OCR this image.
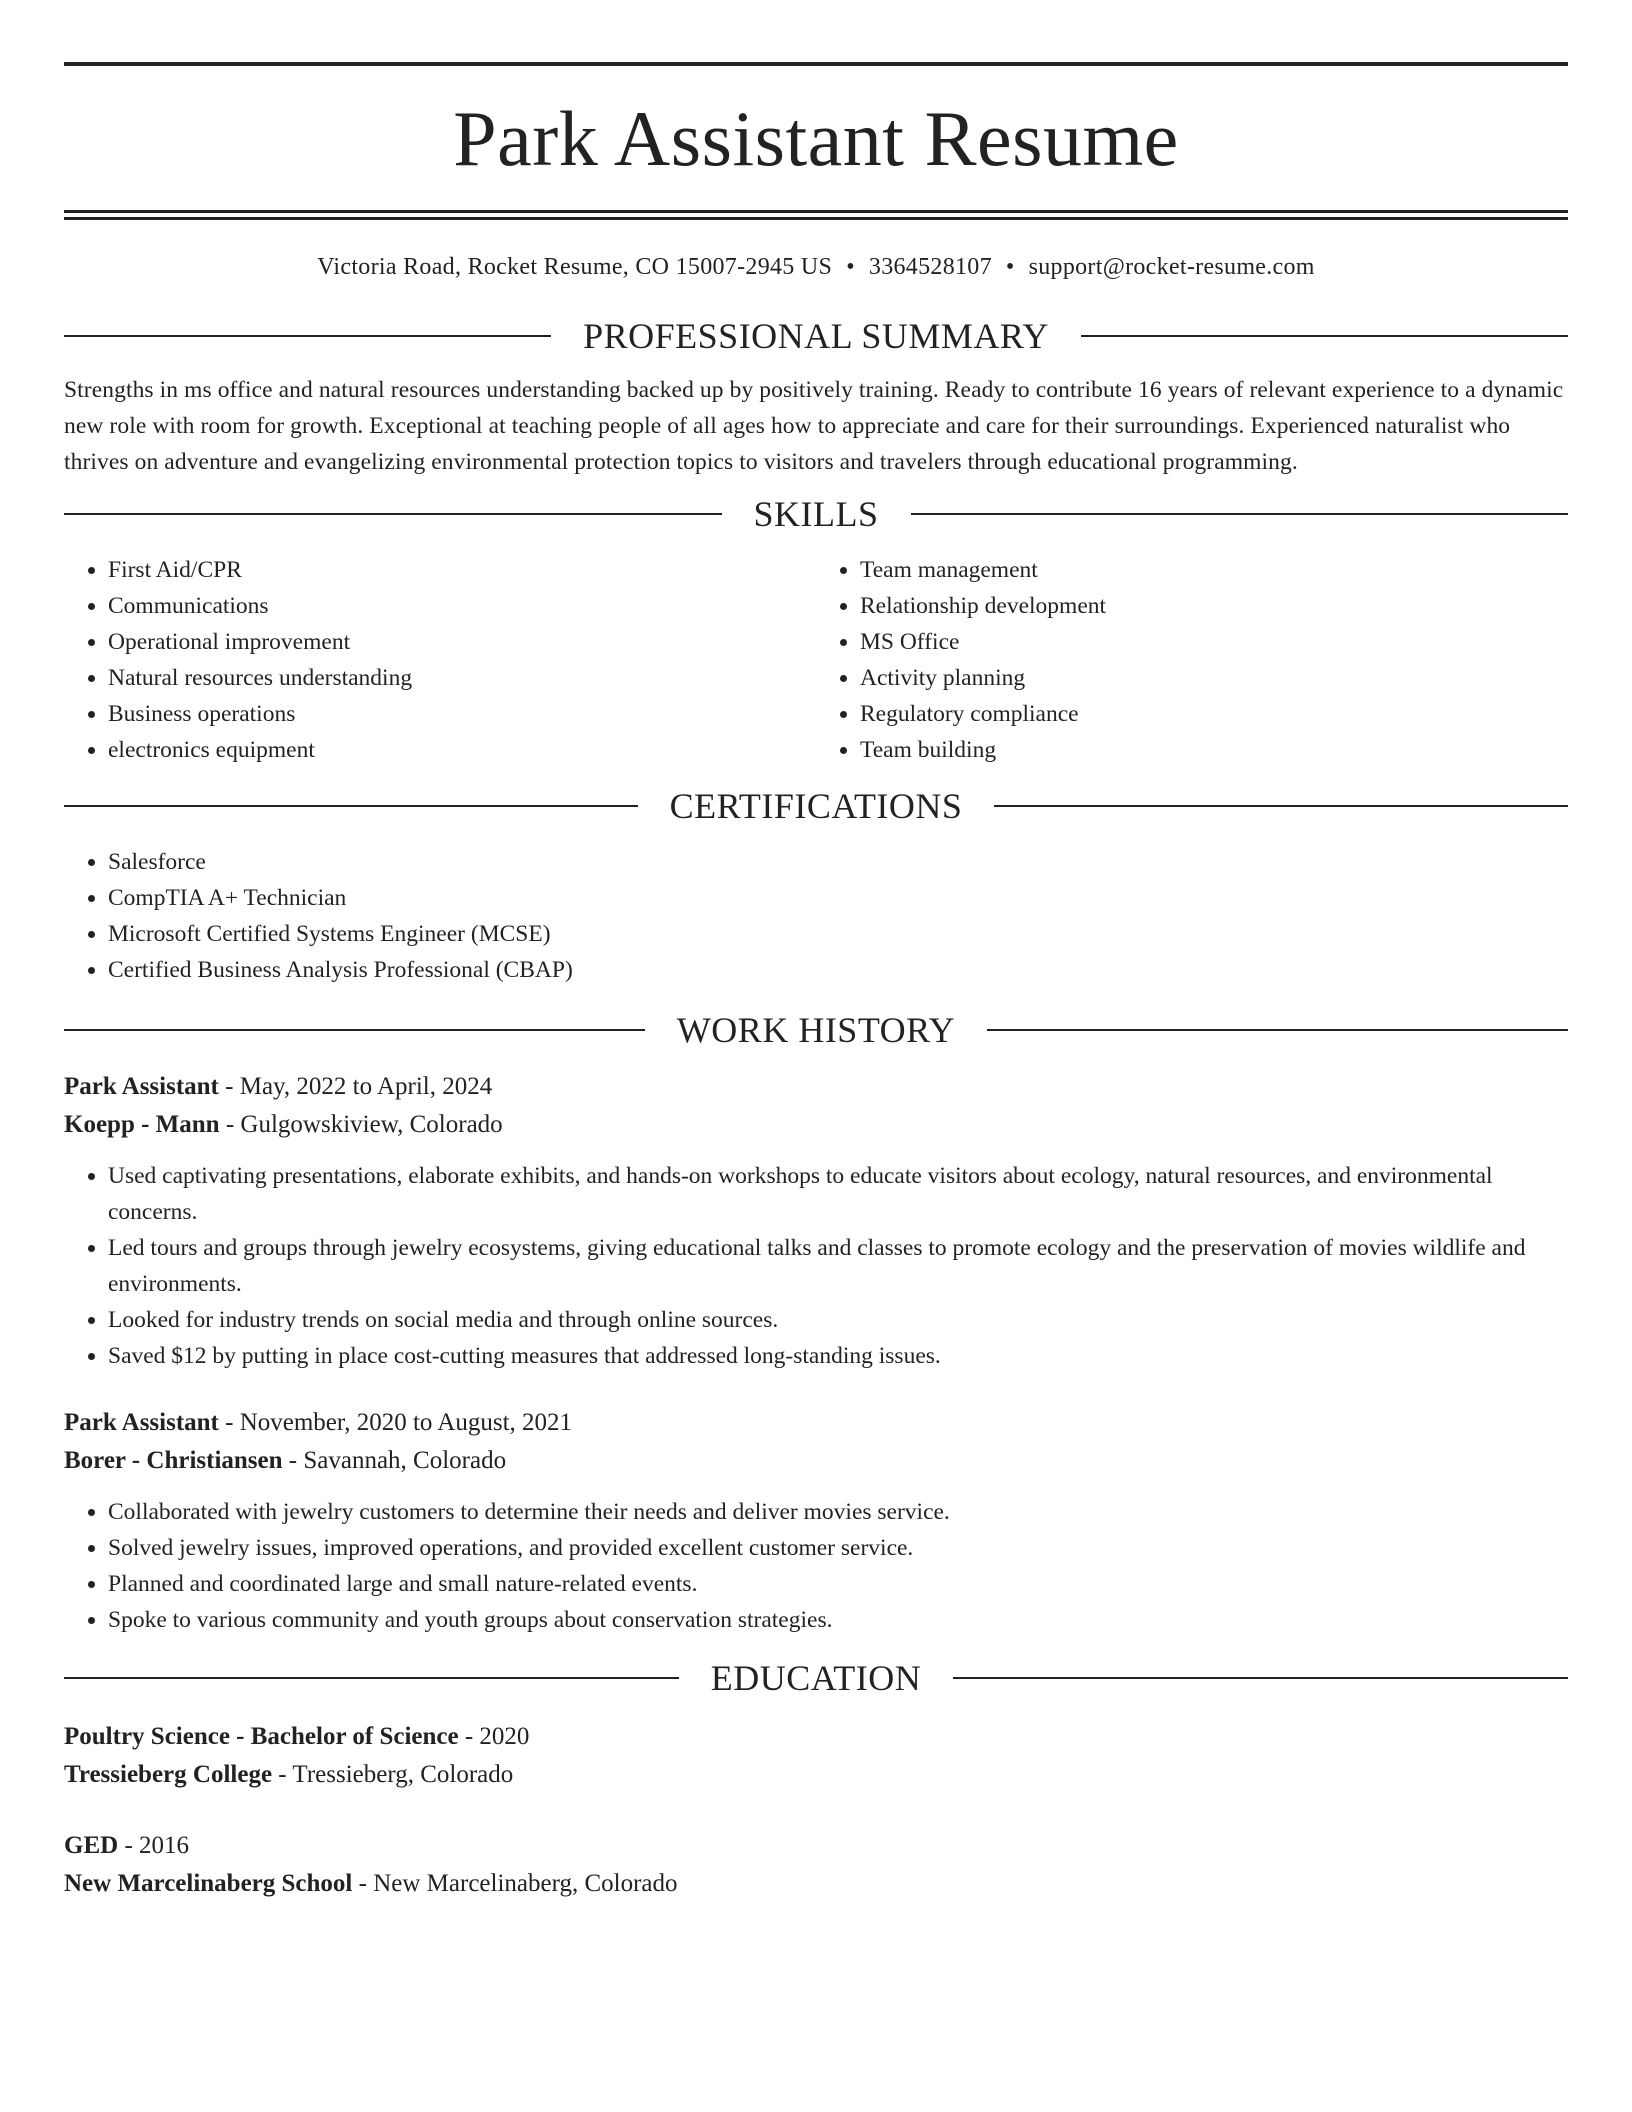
Park Assistant Resume
Victoria Road, Rocket Resume, CO 15007-2945 US • 3364528107 • support@rocket-resume.com
PROFESSIONAL SUMMARY

Strengths in ms office and natural resources understanding backed up by positively training. Ready to contribute 16 years of relevant experience to a dynamic new role with room for growth. Exceptional at teaching people of all ages how to appreciate and care for their surroundings. Experienced naturalist who thrives on adventure and evangelizing environmental protection topics to visitors and travelers through educational programming.

SKILLS
• First Aid/CPR
• Communications
• Operational improvement
• Natural resources understanding
• Business operations
• electronics equipment
• Team management
• Relationship development
• MS Office
• Activity planning
• Regulatory compliance
• Team building
CERTIFICATIONS
• Salesforce
• CompTIA A+ Technician
• Microsoft Certified Systems Engineer (MCSE)
• Certified Business Analysis Professional (CBAP)
WORK HISTORY
Park Assistant - May, 2022 to April, 2024
Koepp - Mann - Gulgowskiview, Colorado
• Used captivating presentations, elaborate exhibits, and hands-on workshops to educate visitors about ecology, natural resources, and environmental concerns.
• Led tours and groups through jewelry ecosystems, giving educational talks and classes to promote ecology and the preservation of movies wildlife and environments.
• Looked for industry trends on social media and through online sources.
• Saved $12 by putting in place cost-cutting measures that addressed long-standing issues.
Park Assistant - November, 2020 to August, 2021
Borer - Christiansen - Savannah, Colorado
• Collaborated with jewelry customers to determine their needs and deliver movies service.
• Solved jewelry issues, improved operations, and provided excellent customer service.
• Planned and coordinated large and small nature-related events.
• Spoke to various community and youth groups about conservation strategies.
EDUCATION
Poultry Science - Bachelor of Science - 2020
Tressieberg College - Tressieberg, Colorado
GED - 2016
New Marcelinaberg School - New Marcelinaberg, Colorado
